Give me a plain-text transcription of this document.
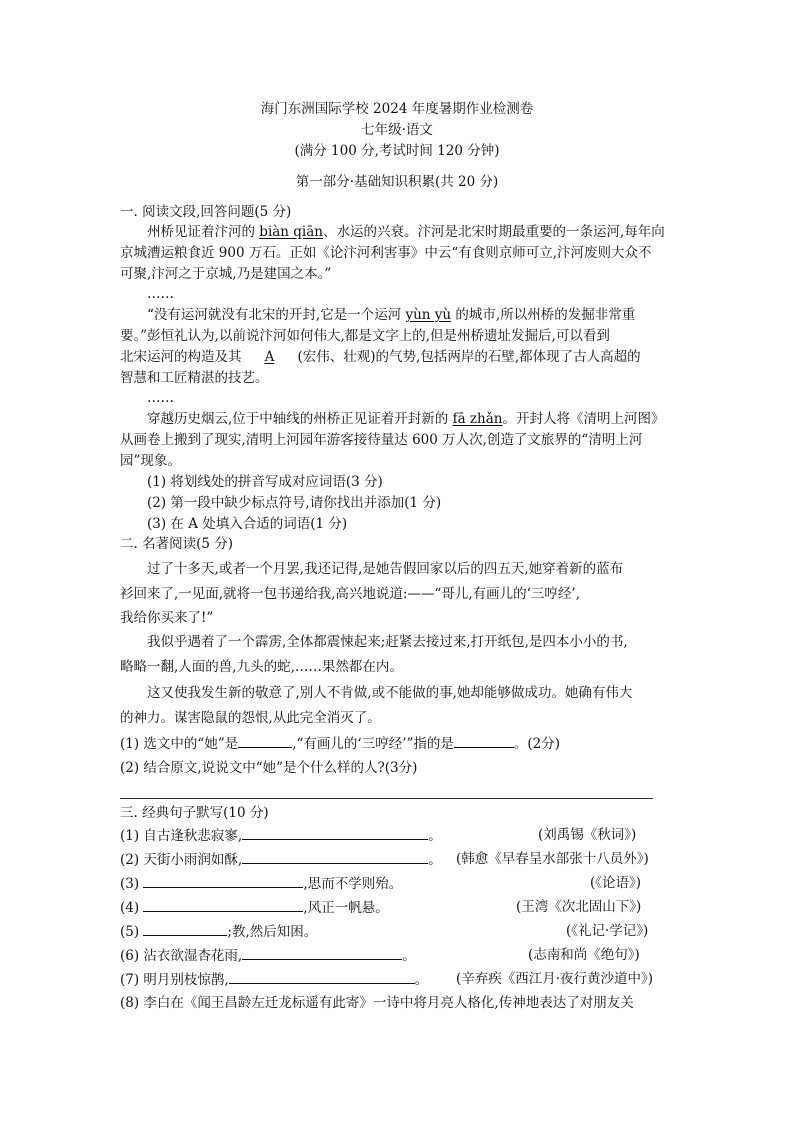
海门东洲国际学校 2024 年度暑期作业检测卷
七年级·语文
(满分 100 分,考试时间 120 分钟)
第一部分·基础知识积累(共 20 分)
一. 阅读文段,回答问题(5 分)
州桥见证着汴河的 biàn qiān、水运的兴衰。汴河是北宋时期最重要的一条运河,每年向
京城漕运粮食近 900 万石。正如《论汴河利害事》中云“有食则京师可立,汴河废则大众不
可聚,汴河之于京城,乃是建国之本。”
……
“没有运河就没有北宋的开封,它是一个运河 yùn yù 的城市,所以州桥的发掘非常重
要。”彭恒礼认为,以前说汴河如何伟大,都是文字上的,但是州桥遗址发掘后,可以看到
北宋运河的构造及其 A (宏伟、壮观)的气势,包括两岸的石壁,都体现了古人高超的
智慧和工匠精湛的技艺。
……
穿越历史烟云,位于中轴线的州桥正见证着开封新的 fā zhǎn。开封人将《清明上河图》
从画卷上搬到了现实,清明上河园年游客接待量达 600 万人次,创造了文旅界的“清明上河
园”现象。
(1) 将划线处的拼音写成对应词语(3 分)
(2) 第一段中缺少标点符号,请你找出并添加(1 分)
(3) 在 A 处填入合适的词语(1 分)
二. 名著阅读(5 分)
过了十多天,或者一个月罢,我还记得,是她告假回家以后的四五天,她穿着新的蓝布
衫回来了,一见面,就将一包书递给我,高兴地说道:——“哥儿,有画儿的‘三哼经’,
我给你买来了!”
我似乎遇着了一个霹雳,全体都震悚起来;赶紧去接过来,打开纸包,是四本小小的书,
略略一翻,人面的兽,九头的蛇,……果然都在内。
这又使我发生新的敬意了,别人不肯做,或不能做的事,她却能够做成功。她确有伟大
的神力。谋害隐鼠的怨恨,从此完全消灭了。
(1) 选文中的“她”是	,“有画儿的‘三哼经’”指的是	。(2分)
(2) 结合原文,说说文中“她”是个什么样的人?(3分)
三. 经典句子默写(10 分)
(1) 自古逢秋悲寂寥,	。	(刘禹锡《秋词》)
(2) 天街小雨润如酥,	。 (韩愈《早春呈水部张十八员外》)
(3)	,思而不学则殆。	(《论语》)
(4)	,风正一帆悬。	(王湾《次北固山下》)
(5)	;教,然后知困。	(《礼记·学记》)
(6) 沾衣欲湿杏花雨,	。	(志南和尚《绝句》)
(7) 明月别枝惊鹊,	。 (辛弃疾《西江月·夜行黄沙道中》)
(8) 李白在《闻王昌龄左迁龙标遥有此寄》一诗中将月亮人格化,传神地表达了对朋友关
